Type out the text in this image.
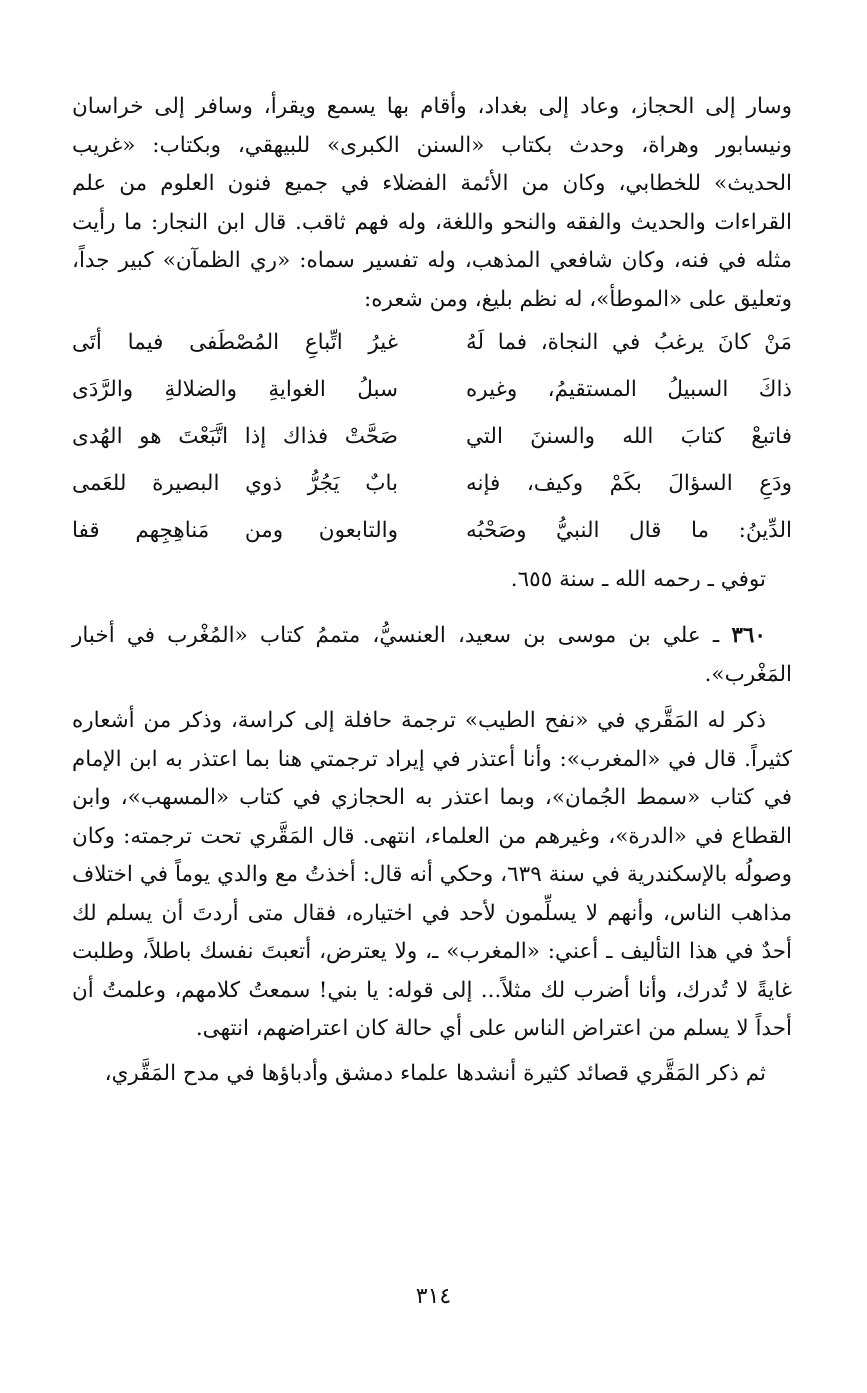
وسار إلى الحجاز، وعاد إلى بغداد، وأقام بها يسمع ويقرأ، وسافر إلى خراسان ونيسابور وهراة، وحدث بكتاب «السنن الكبرى» للبيهقي، وبكتاب: «غريب الحديث» للخطابي، وكان من الأئمة الفضلاء في جميع فنون العلوم من علم القراءات والحديث والفقه والنحو واللغة، وله فهم ثاقب. قال ابن النجار: ما رأيت مثله في فنه، وكان شافعي المذهب، وله تفسير سماه: «ري الظمآن» كبير جداً، وتعليق على «الموطأ»، له نظم بليغ، ومن شعره:

مَنْ كانَ يرغبُ في النجاة، فما لَهُ
غيرُ اتِّباعِ المُصْطَفى فيما أتَى
ذاكَ السبيلُ المستقيمُ، وغيره
سبلُ الغوايةِ والضلالةِ والرَّدَى
فاتبعْ كتابَ الله والسننَ التي
صَحَّتْ فذاك إذا اتَّبَعْتَ هو الهُدى
ودَعِ السؤالَ بكَمْ وكيف، فإنه
بابٌ يَجُرُّ ذوي البصيرة للعَمى
الدِّينُ: ما قال النبيُّ وصَحْبُه
والتابعون ومن مَناهِجِهم قفا

توفي ـ رحمه الله ـ سنة ٦٥٥.

٣٦٠ ـ علي بن موسى بن سعيد، العنسيُّ، متممُ كتاب «المُغْرب في أخبار المَغْرب».

ذكر له المَقَّري في «نفح الطيب» ترجمة حافلة إلى كراسة، وذكر من أشعاره كثيراً. قال في «المغرب»: وأنا أعتذر في إيراد ترجمتي هنا بما اعتذر به ابن الإمام في كتاب «سمط الجُمان»، وبما اعتذر به الحجازي في كتاب «المسهب»، وابن القطاع في «الدرة»، وغيرهم من العلماء، انتهى. قال المَقَّري تحت ترجمته: وكان وصولُه بالإسكندرية في سنة ٦٣٩، وحكي أنه قال: أخذتُ مع والدي يوماً في اختلاف مذاهب الناس، وأنهم لا يسلِّمون لأحد في اختياره، فقال متى أردتَ أن يسلم لك أحدٌ في هذا التأليف ـ أعني: «المغرب» ـ، ولا يعترض، أتعبتَ نفسك باطلاً، وطلبت غايةً لا تُدرك، وأنا أضرب لك مثلاً... إلى قوله: يا بني! سمعتُ كلامهم، وعلمتُ أن أحداً لا يسلم من اعتراض الناس على أي حالة كان اعتراضهم، انتهى.

ثم ذكر المَقَّري قصائد كثيرة أنشدها علماء دمشق وأدباؤها في مدح المَقَّري،

٣١٤
